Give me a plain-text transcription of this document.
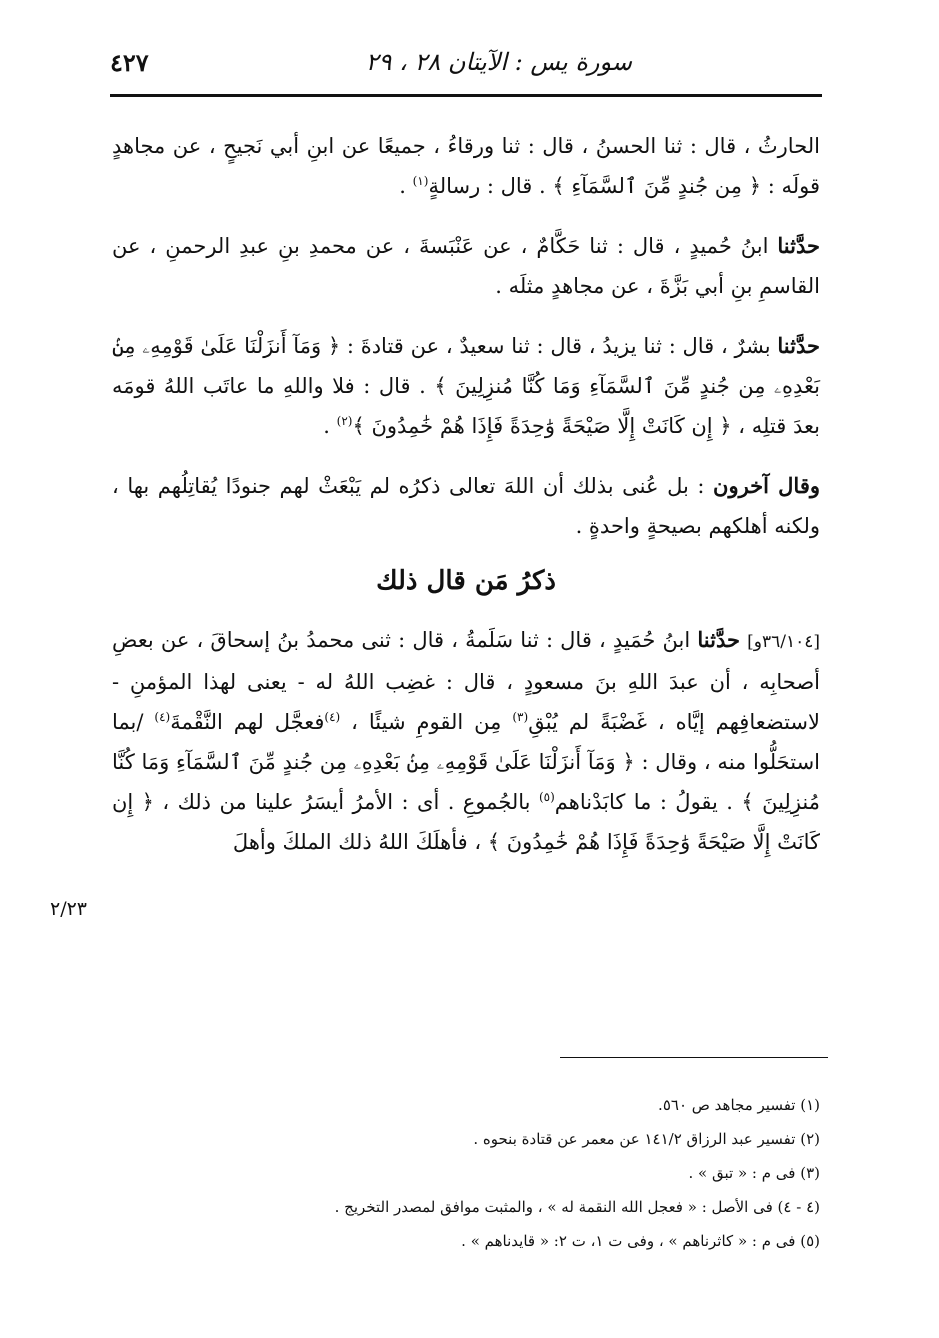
سورة يس : الآيتان ٢٨ ، ٢٩
٤٢٧

الحارثُ ، قال : ثنا الحسنُ ، قال : ثنا ورقاءُ ، جميعًا عن ابنِ أبي نَجيحٍ ، عن مجاهدٍ قولَه : ﴿ مِن جُندٍ مِّنَ ٱلسَّمَآءِ ﴾ . قال : رسالةٍ$^{(١)}$ .

حدَّثنا ابنُ حُميدٍ ، قال : ثنا حَكَّامٌ ، عن عَنْبَسةَ ، عن محمدِ بنِ عبدِ الرحمنِ ، عن القاسمِ بنِ أبي بَزَّةَ ، عن مجاهدٍ مثلَه .

حدَّثنا بشرٌ ، قال : ثنا يزيدُ ، قال : ثنا سعيدٌ ، عن قتادةَ : ﴿ وَمَآ أَنزَلْنَا عَلَىٰ قَوْمِهِۦ مِنۢ بَعْدِهِۦ مِن جُندٍ مِّنَ ٱلسَّمَآءِ وَمَا كُنَّا مُنزِلِينَ ﴾ . قال : فلا واللهِ ما عاتَب اللهُ قومَه بعدَ قتلِه ، ﴿ إِن كَانَتْ إِلَّا صَيْحَةً وَٰحِدَةً فَإِذَا هُمْ خَٰمِدُونَ ﴾$^{(٢)}$ .

وقال آخرون : بل عُنى بذلك أن اللهَ تعالى ذكرُه لم يَبْعَثْ لهم جنودًا يُقاتِلُهم بها ، ولكنه أهلكهم بصيحةٍ واحدةٍ .

ذكرُ مَن قال ذلك

[٣٦/١٠٤و] حدَّثنا ابنُ حُمَيدٍ ، قال : ثنا سَلَمةُ ، قال : ثنى محمدُ بنُ إسحاقَ ، عن بعضِ أصحابِه ، أن عبدَ اللهِ بنَ مسعودٍ ، قال : غضِب اللهُ له - يعنى لهذا المؤمنِ - لاستضعافِهم إيَّاه ، غَضْبَةً لم يُبْقِ$^{(٣)}$ مِن القومِ شيئًا ، $^{(٤)}$فعجَّل لهم النَّقْمةَ$^{(٤)}$ /بما استحَلُّوا منه ، وقال : ﴿ وَمَآ أَنزَلْنَا عَلَىٰ قَوْمِهِۦ مِنۢ بَعْدِهِۦ مِن جُندٍ مِّنَ ٱلسَّمَآءِ وَمَا كُنَّا مُنزِلِينَ ﴾ . يقولُ : ما كابَدْناهم$^{(٥)}$ بالجُموعِ . أى : الأمرُ أيسَرُ علينا من ذلك ، ﴿ إِن كَانَتْ إِلَّا صَيْحَةً وَٰحِدَةً فَإِذَا هُمْ خَٰمِدُونَ ﴾ ، فأهلَكَ اللهُ ذلك الملكَ وأهلَ

٢/٢٣
(١) تفسير مجاهد ص ٥٦٠.
(٢) تفسير عبد الرزاق ١٤١/٢ عن معمر عن قتادة بنحوه .
(٣) فى م : « تبق » .
(٤ - ٤) فى الأصل : « فعجل الله النقمة له » ، والمثبت موافق لمصدر التخريج .
(٥) فى م : « كاثرناهم » ، وفى ت ١، ت ٢: « قايدناهم » .
